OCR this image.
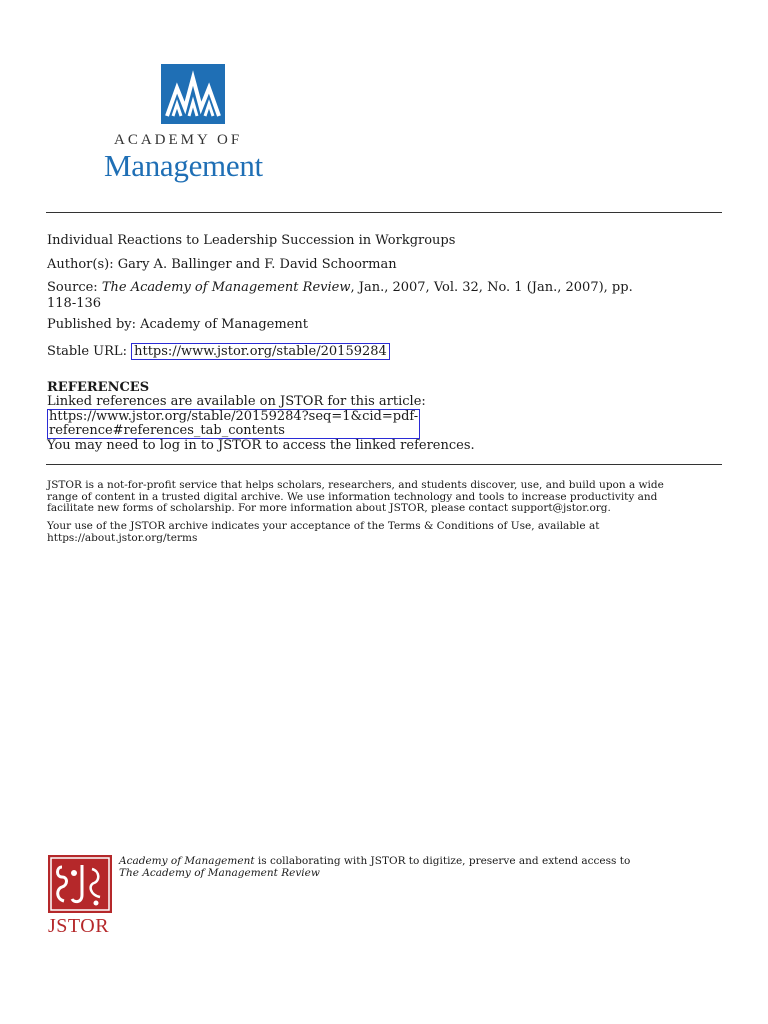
ACADEMY OF
Management

Individual Reactions to Leadership Succession in Workgroups

Author(s): Gary A. Ballinger and F. David Schoorman

Source: The Academy of Management Review, Jan., 2007, Vol. 32, No. 1 (Jan., 2007), pp.

118-136

Published by: Academy of Management

Stable URL: https://www.jstor.org/stable/20159284

REFERENCES
Linked references are available on JSTOR for this article:
https://www.jstor.org/stable/20159284?seq=1&cid=pdf-
reference#references_tab_contents
You may need to log in to JSTOR to access the linked references.
JSTOR is a not-for-profit service that helps scholars, researchers, and students discover, use, and build upon a wide
range of content in a trusted digital archive. We use information technology and tools to increase productivity and
facilitate new forms of scholarship. For more information about JSTOR, please contact support@jstor.org.
Your use of the JSTOR archive indicates your acceptance of the Terms & Conditions of Use, available at
https://about.jstor.org/terms
JSTOR
Academy of Management is collaborating with JSTOR to digitize, preserve and extend access to
The Academy of Management Review
